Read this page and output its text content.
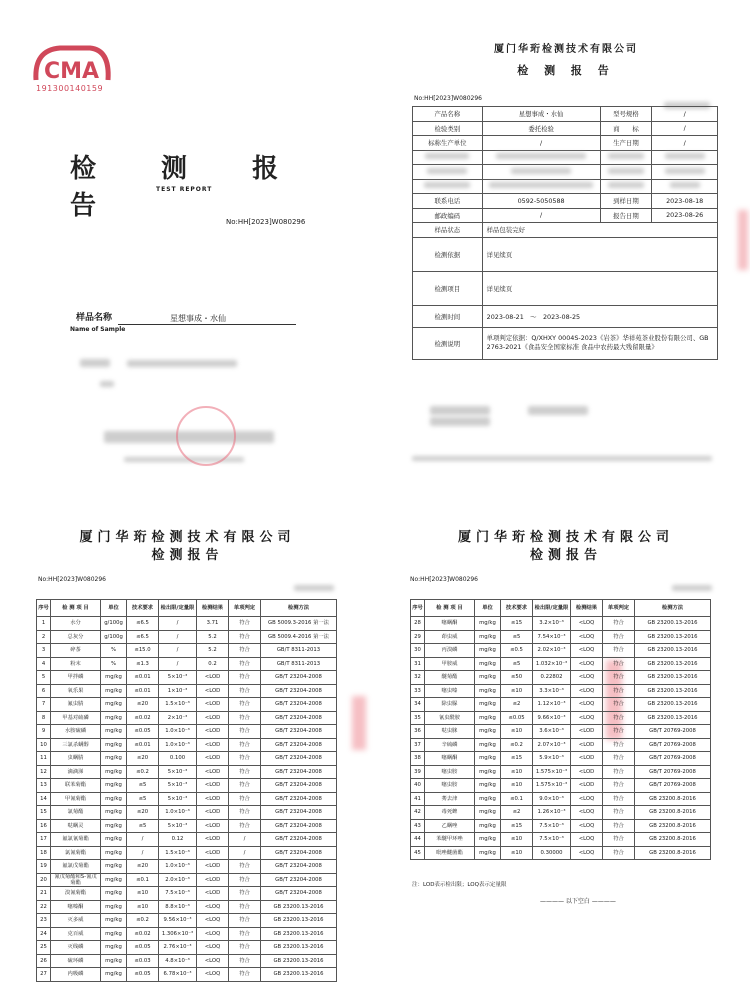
CMA
191300140159
检 测 报 告
TEST REPORT
No:HH[2023]W080296
样品名称
Name of Sample
星想事成・水仙

厦门华珩检测技术有限公司
检 测 报 告
No:HH[2023]W080296
产品名称	星想事成・水仙	型号规格	/
检验类别	委托检验	商　　标	/
标称生产单位	/	生产日期	/

联系电话	0592-5050588	到样日期	2023-08-18
邮政编码	/	报告日期	2023-08-26
样品状态	样品包装完好		
检测依据	详见续页		
检测项目	详见续页		
检测时间	2023-08-21　～　2023-08-25		
检测说明	单项判定依据：Q/XHXY 0004S-2023《岩茶》华祥苑茶业股份有限公司、GB 2763-2021《食品安全国家标准 食品中农药最大残留限量》		

厦门华珩检测技术有限公司
检测报告
No:HH[2023]W080296
序号	检 测 项 目	单位	技术要求	检出限/定量限	检测结果	单项判定	检测方法
1	水分	g/100g	≤6.5	/	3.71	符合	GB 5009.3-2016 第一法
2	总灰分	g/100g	≤6.5	/	5.2	符合	GB 5009.4-2016 第一法
3	碎茶	%	≤15.0	/	5.2	符合	GB/T 8311-2013
4	粉末	%	≤1.3	/	0.2	符合	GB/T 8311-2013
5	甲拌磷	mg/kg	≤0.01	5×10⁻³	<LOD	符合	GB/T 23204-2008
6	氧乐果	mg/kg	≤0.01	1×10⁻³	<LOD	符合	GB/T 23204-2008
7	氟虫腈	mg/kg	≤20	1.5×10⁻³	<LOD	符合	GB/T 23204-2008
8	甲基对硫磷	mg/kg	≤0.02	2×10⁻³	<LOD	符合	GB/T 23204-2008
9	水胺硫磷	mg/kg	≤0.05	1.0×10⁻³	<LOD	符合	GB/T 23204-2008
10	三氯杀螨醇	mg/kg	≤0.01	1.0×10⁻³	<LOD	符合	GB/T 23204-2008
11	虫螨腈	mg/kg	≤20	0.100	<LOD	符合	GB/T 23204-2008
12	滴滴涕	mg/kg	≤0.2	5×10⁻³	<LOD	符合	GB/T 23204-2008
13	联苯菊酯	mg/kg	≤5	5×10⁻³	<LOD	符合	GB/T 23204-2008
14	甲氰菊酯	mg/kg	≤5	5×10⁻³	<LOD	符合	GB/T 23204-2008
15	氯菊酯	mg/kg	≤20	1.0×10⁻³	<LOD	符合	GB/T 23204-2008
16	哒螨灵	mg/kg	≤5	5×10⁻³	<LOD	符合	GB/T 23204-2008
17	氟氯氰菊酯	mg/kg	/	0.12	<LOD	/	GB/T 23204-2008
18	氯氰菊酯	mg/kg	/	1.5×10⁻³	<LOD	/	GB/T 23204-2008
19	氟氯戊菊酯	mg/kg	≤20	1.0×10⁻³	<LOD	符合	GB/T 23204-2008
20	氰戊菊酯和S-氰戊菊酯	mg/kg	≤0.1	2.0×10⁻³	<LOD	符合	GB/T 23204-2008
21	溴氰菊酯	mg/kg	≤10	7.5×10⁻³	<LOD	符合	GB/T 23204-2008
22	噻嗪酮	mg/kg	≤10	8.8×10⁻³	<LOQ	符合	GB 23200.13-2016
23	灭多威	mg/kg	≤0.2	9.56×10⁻³	<LOQ	符合	GB 23200.13-2016
24	克百威	mg/kg	≤0.02	1.306×10⁻³	<LOQ	符合	GB 23200.13-2016
25	灭线磷	mg/kg	≤0.05	2.76×10⁻³	<LOQ	符合	GB 23200.13-2016
26	硫环磷	mg/kg	≤0.03	4.8×10⁻³	<LOQ	符合	GB 23200.13-2016
27	内吸磷	mg/kg	≤0.05	6.78×10⁻³	<LOQ	符合	GB 23200.13-2016
厦门华珩检测技术有限公司
检测报告
No:HH[2023]W080296
序号	检 测 项 目	单位	技术要求	检出限/定量限	检测结果	单项判定	检测方法
28	噻螨酮	mg/kg	≤15	3.2×10⁻³	<LOQ	符合	GB 23200.13-2016
29	茚虫威	mg/kg	≤5	7.54×10⁻³	<LOQ	符合	GB 23200.13-2016
30	丙溴磷	mg/kg	≤0.5	2.02×10⁻³	<LOQ	符合	GB 23200.13-2016
31	甲胺威	mg/kg	≤5	1.032×10⁻³	<LOQ	符合	GB 23200.13-2016
32	醚菊酯	mg/kg	≤50	0.22802	<LOQ	符合	GB 23200.13-2016
33	噻虫嗪	mg/kg	≤10	3.3×10⁻³	<LOQ	符合	GB 23200.13-2016
34	除虫脲	mg/kg	≤2	1.12×10⁻³	<LOQ	符合	GB 23200.13-2016
35	氰虫酰胺	mg/kg	≤0.05	9.66×10⁻³	<LOQ	符合	GB 23200.13-2016
36	哒虫脒	mg/kg	≤10	3.6×10⁻³	<LOD	符合	GB/T 20769-2008
37	辛硫磷	mg/kg	≤0.2	2.07×10⁻³	<LOD	符合	GB/T 20769-2008
38	噻螨酮	mg/kg	≤15	5.9×10⁻³	<LOD	符合	GB/T 20769-2008
39	噻虫胺	mg/kg	≤10	1.575×10⁻³	<LOD	符合	GB/T 20769-2008
40	噻虫胺	mg/kg	≤10	1.575×10⁻³	<LOD	符合	GB/T 20769-2008
41	莠去津	mg/kg	≤0.1	9.0×10⁻³	<LOQ	符合	GB 23200.8-2016
42	毒死蜱	mg/kg	≤2	1.26×10⁻³	<LOQ	符合	GB 23200.8-2016
43	乙螨唑	mg/kg	≤15	7.5×10⁻³	<LOQ	符合	GB 23200.8-2016
44	苯醚甲环唑	mg/kg	≤10	7.5×10⁻³	<LOQ	符合	GB 23200.8-2016
45	吡唑醚菌酯	mg/kg	≤10	0.30000	<LOQ	符合	GB 23200.8-2016
注：LOD表示检出限；LOQ表示定量限
———— 以下空白 ————
